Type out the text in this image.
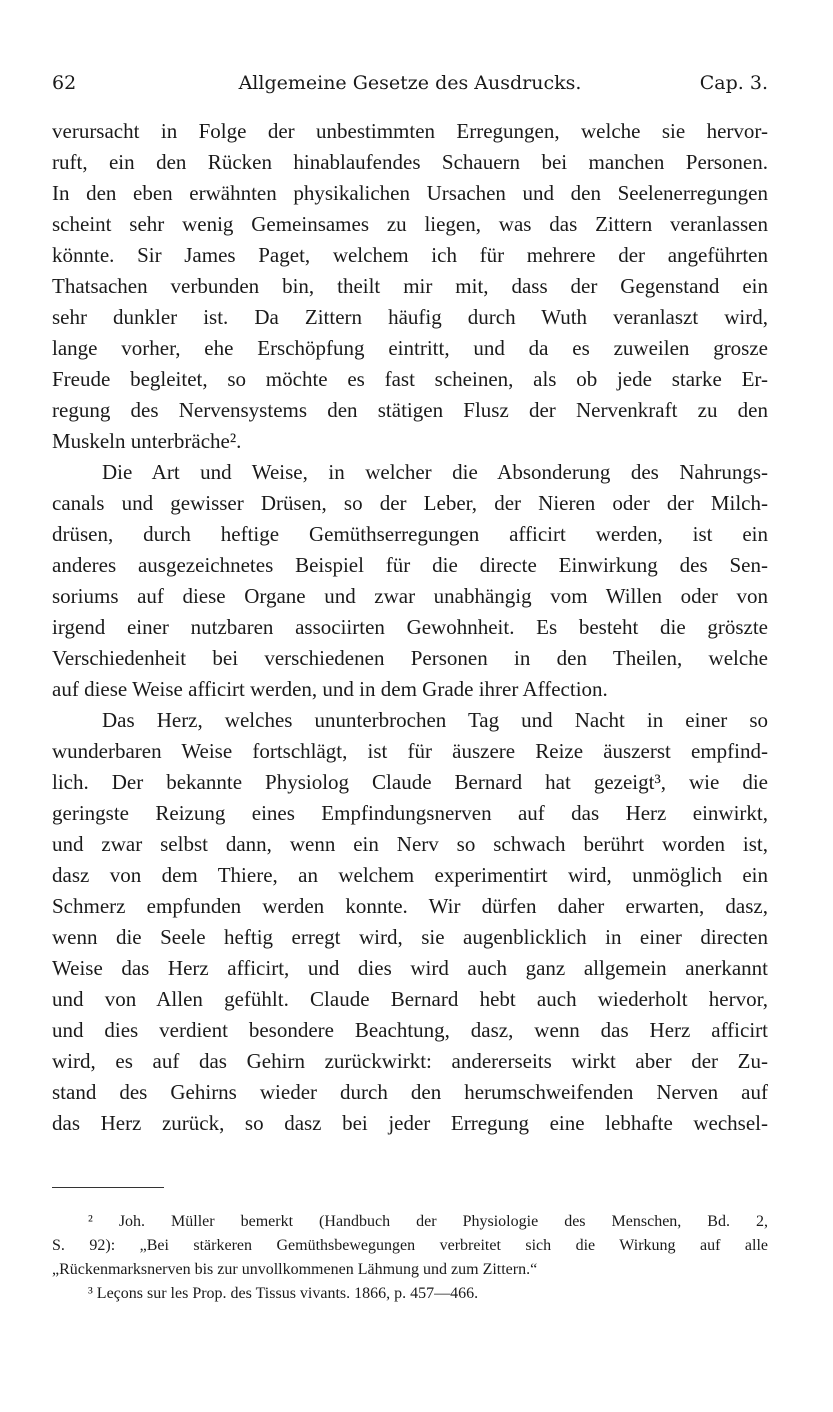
62	Allgemeine Gesetze des Ausdrucks.	Cap. 3.
verursacht in Folge der unbestimmten Erregungen, welche sie hervor-
ruft, ein den Rücken hinablaufendes Schauern bei manchen Personen.
In den eben erwähnten physikalichen Ursachen und den Seelenerregungen
scheint sehr wenig Gemeinsames zu liegen, was das Zittern veranlassen
könnte. Sir James Paget, welchem ich für mehrere der angeführten
Thatsachen verbunden bin, theilt mir mit, dass der Gegenstand ein
sehr dunkler ist. Da Zittern häufig durch Wuth veranlaszt wird,
lange vorher, ehe Erschöpfung eintritt, und da es zuweilen grosze
Freude begleitet, so möchte es fast scheinen, als ob jede starke Er-
regung des Nervensystems den stätigen Flusz der Nervenkraft zu den
Muskeln unterbräche².
Die Art und Weise, in welcher die Absonderung des Nahrungs-
canals und gewisser Drüsen, so der Leber, der Nieren oder der Milch-
drüsen, durch heftige Gemüthserregungen afficirt werden, ist ein
anderes ausgezeichnetes Beispiel für die directe Einwirkung des Sen-
soriums auf diese Organe und zwar unabhängig vom Willen oder von
irgend einer nutzbaren associirten Gewohnheit. Es besteht die gröszte
Verschiedenheit bei verschiedenen Personen in den Theilen, welche
auf diese Weise afficirt werden, und in dem Grade ihrer Affection.
Das Herz, welches ununterbrochen Tag und Nacht in einer so
wunderbaren Weise fortschlägt, ist für äuszere Reize äuszerst empfind-
lich. Der bekannte Physiolog Claude Bernard hat gezeigt³, wie die
geringste Reizung eines Empfindungsnerven auf das Herz einwirkt,
und zwar selbst dann, wenn ein Nerv so schwach berührt worden ist,
dasz von dem Thiere, an welchem experimentirt wird, unmöglich ein
Schmerz empfunden werden konnte. Wir dürfen daher erwarten, dasz,
wenn die Seele heftig erregt wird, sie augenblicklich in einer directen
Weise das Herz afficirt, und dies wird auch ganz allgemein anerkannt
und von Allen gefühlt. Claude Bernard hebt auch wiederholt hervor,
und dies verdient besondere Beachtung, dasz, wenn das Herz afficirt
wird, es auf das Gehirn zurückwirkt: andererseits wirkt aber der Zu-
stand des Gehirns wieder durch den herumschweifenden Nerven auf
das Herz zurück, so dasz bei jeder Erregung eine lebhafte wechsel-
² Joh. Müller bemerkt (Handbuch der Physiologie des Menschen, Bd. 2,
S. 92): „Bei stärkeren Gemüthsbewegungen verbreitet sich die Wirkung auf alle
„Rückenmarksnerven bis zur unvollkommenen Lähmung und zum Zittern.“
³ Leçons sur les Prop. des Tissus vivants. 1866, p. 457—466.
